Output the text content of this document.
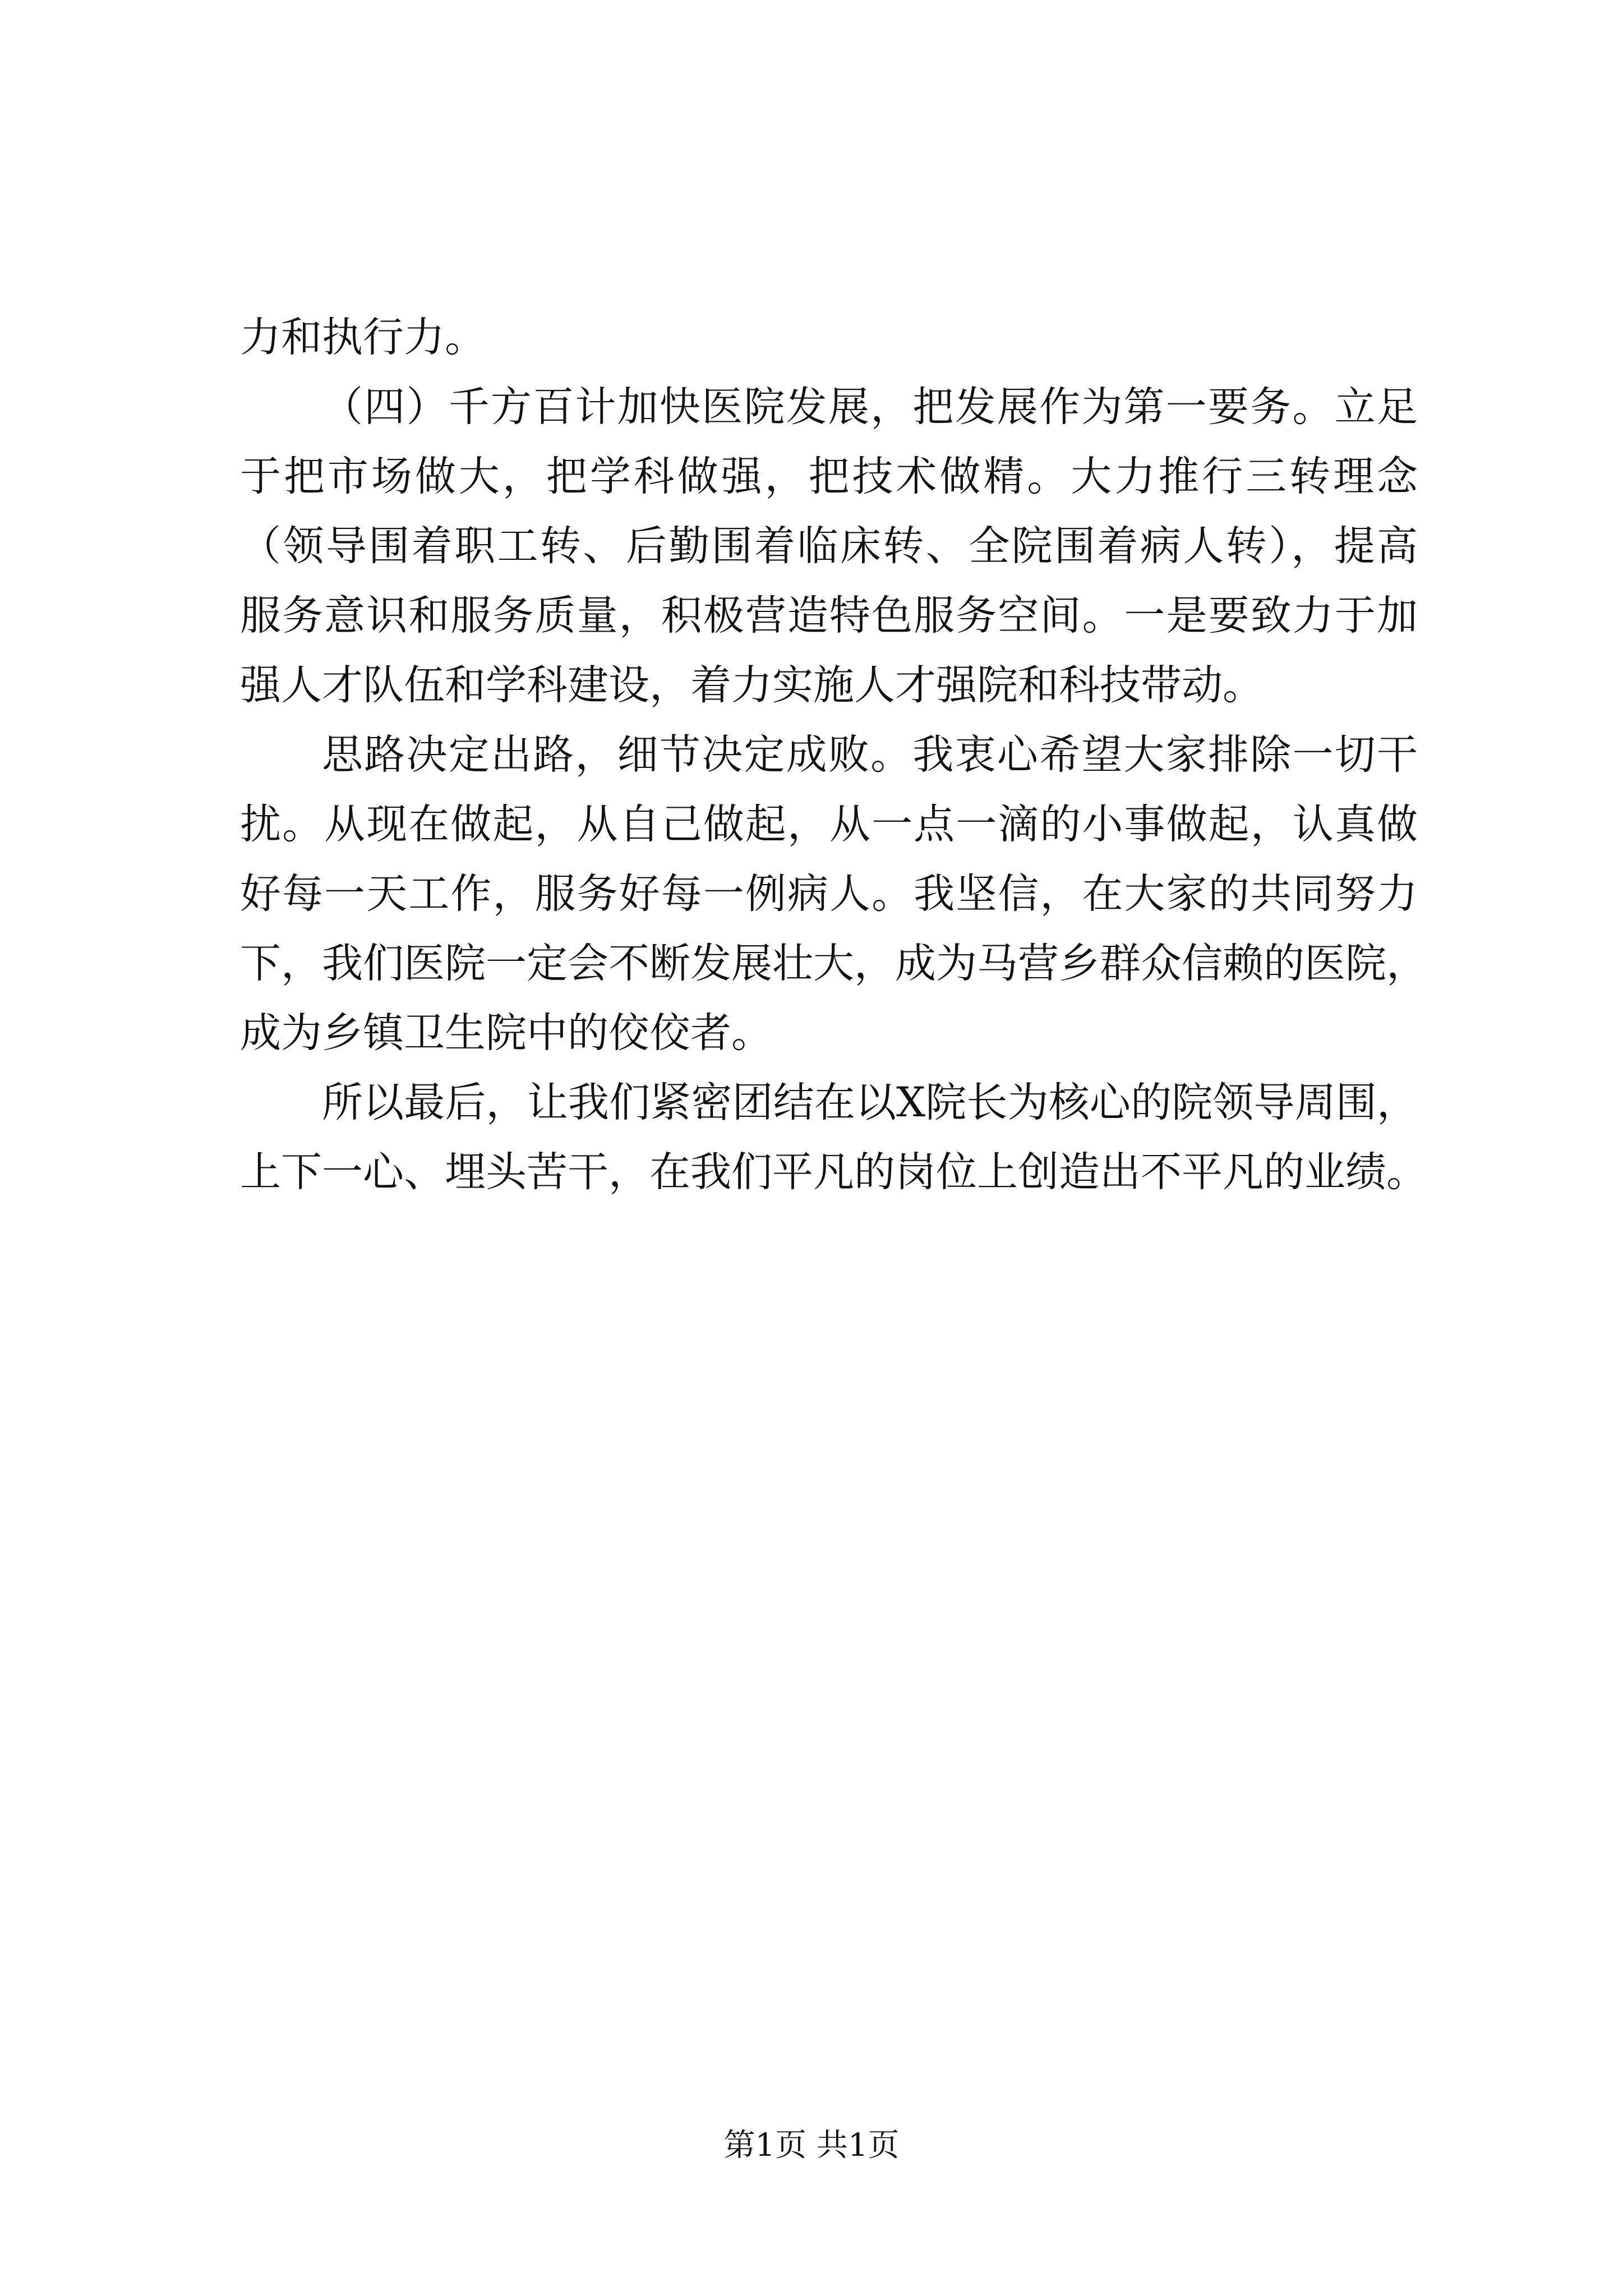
力和执行力。
（四）千方百计加快医院发展，把发展作为第一要务。立足
于把市场做大，把学科做强，把技术做精。大力推行三转理念
（领导围着职工转、后勤围着临床转、全院围着病人转），提高
服务意识和服务质量，积极营造特色服务空间。一是要致力于加
强人才队伍和学科建设，着力实施人才强院和科技带动。
思路决定出路，细节决定成败。我衷心希望大家排除一切干
扰。从现在做起，从自己做起，从一点一滴的小事做起，认真做
好每一天工作，服务好每一例病人。我坚信，在大家的共同努力
下，我们医院一定会不断发展壮大，成为马营乡群众信赖的医院，
成为乡镇卫生院中的佼佼者。
所以最后，让我们紧密团结在以X院长为核心的院领导周围，
上下一心、埋头苦干，在我们平凡的岗位上创造出不平凡的业绩。
第1页 共1页
